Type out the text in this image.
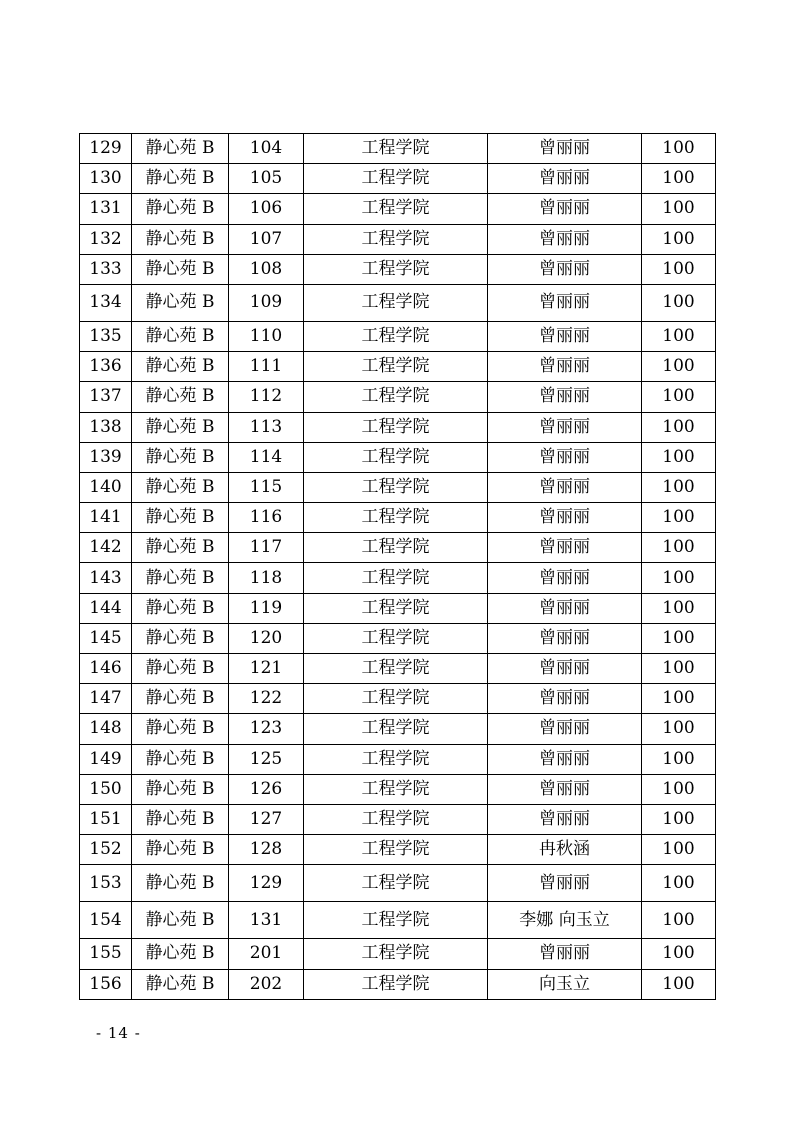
129	静心苑 B	104	工程学院	曾丽丽	100
130	静心苑 B	105	工程学院	曾丽丽	100
131	静心苑 B	106	工程学院	曾丽丽	100
132	静心苑 B	107	工程学院	曾丽丽	100
133	静心苑 B	108	工程学院	曾丽丽	100
134	静心苑 B	109	工程学院	曾丽丽	100
135	静心苑 B	110	工程学院	曾丽丽	100
136	静心苑 B	111	工程学院	曾丽丽	100
137	静心苑 B	112	工程学院	曾丽丽	100
138	静心苑 B	113	工程学院	曾丽丽	100
139	静心苑 B	114	工程学院	曾丽丽	100
140	静心苑 B	115	工程学院	曾丽丽	100
141	静心苑 B	116	工程学院	曾丽丽	100
142	静心苑 B	117	工程学院	曾丽丽	100
143	静心苑 B	118	工程学院	曾丽丽	100
144	静心苑 B	119	工程学院	曾丽丽	100
145	静心苑 B	120	工程学院	曾丽丽	100
146	静心苑 B	121	工程学院	曾丽丽	100
147	静心苑 B	122	工程学院	曾丽丽	100
148	静心苑 B	123	工程学院	曾丽丽	100
149	静心苑 B	125	工程学院	曾丽丽	100
150	静心苑 B	126	工程学院	曾丽丽	100
151	静心苑 B	127	工程学院	曾丽丽	100
152	静心苑 B	128	工程学院	冉秋涵	100
153	静心苑 B	129	工程学院	曾丽丽	100
154	静心苑 B	131	工程学院	李娜 向玉立	100
155	静心苑 B	201	工程学院	曾丽丽	100
156	静心苑 B	202	工程学院	向玉立	100
- 14 -
